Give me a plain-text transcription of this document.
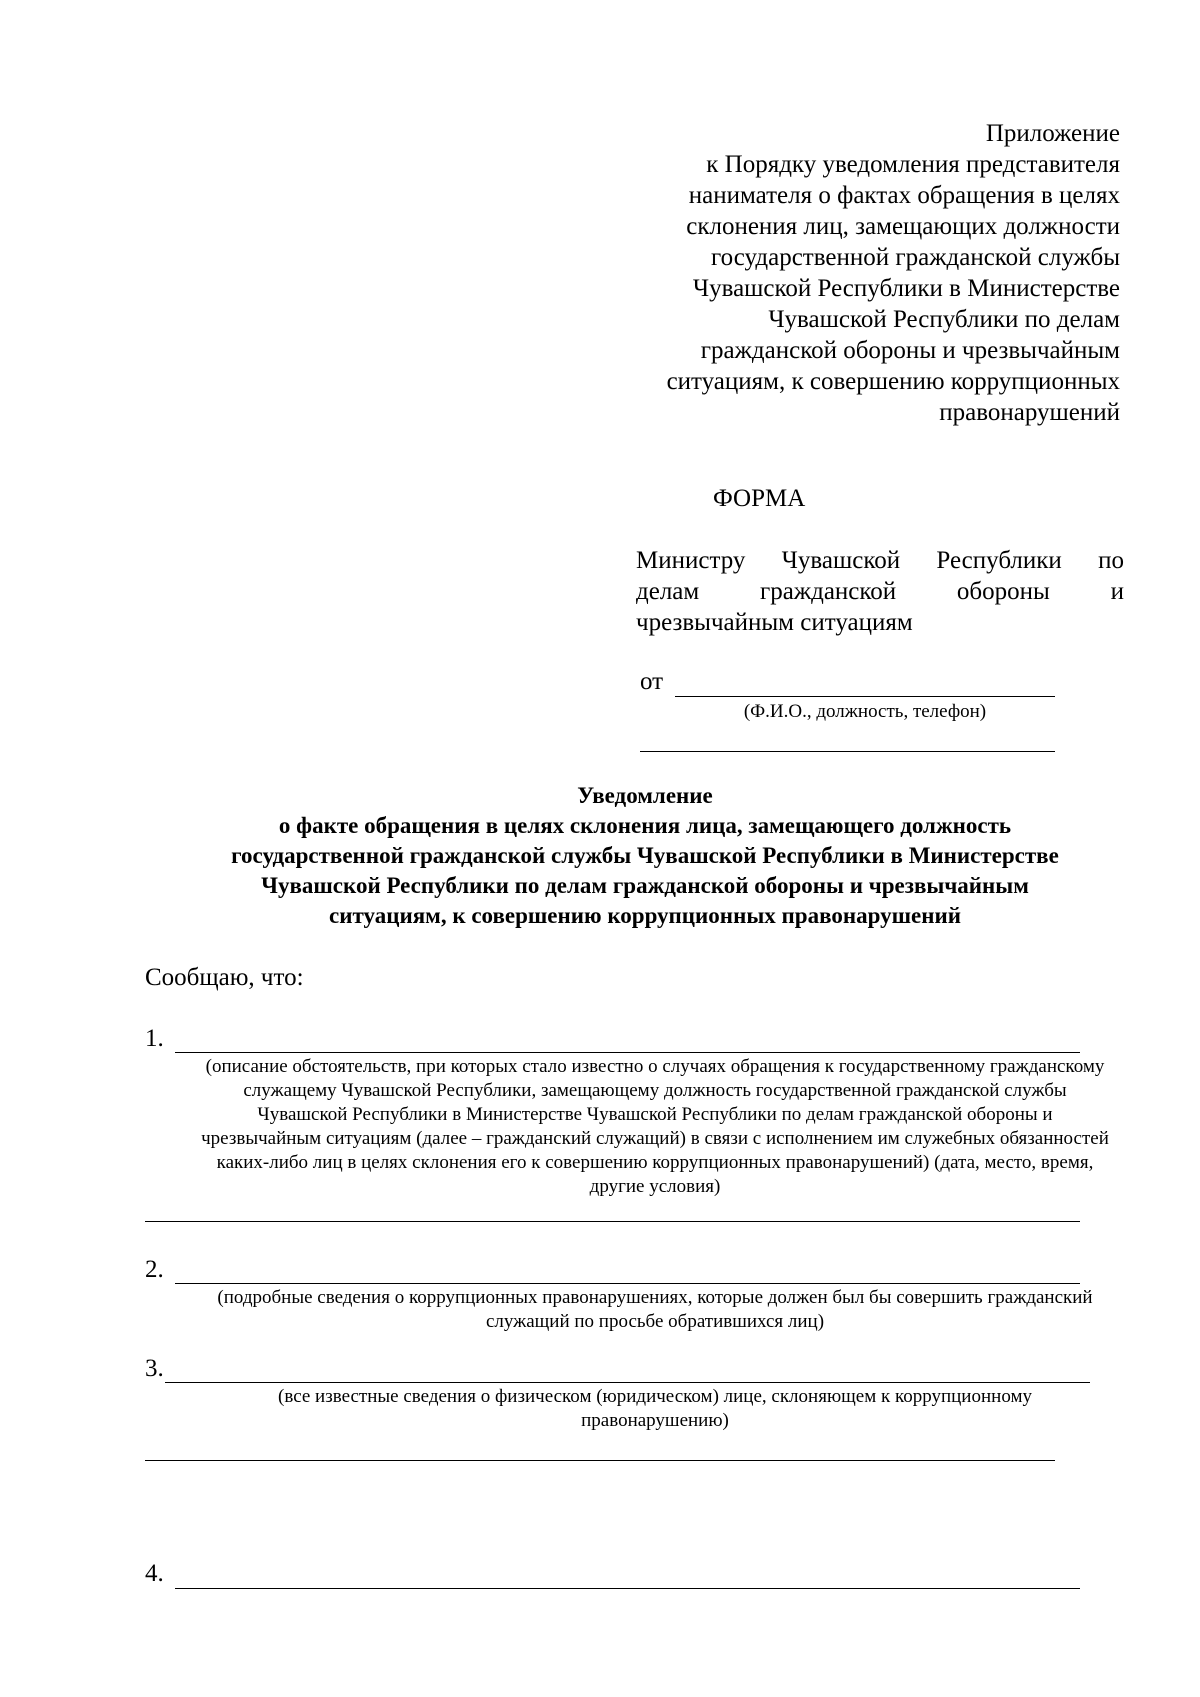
Приложение
к Порядку уведомления представителя
нанимателя о фактах обращения в целях
склонения лиц, замещающих должности
государственной гражданской службы
Чувашской Республики в Министерстве
Чувашской Республики по делам
гражданской обороны и чрезвычайным
ситуациям, к совершению коррупционных
правонарушений
ФОРМА
Министру Чувашской Республики по
делам гражданской обороны и
чрезвычайным ситуациям
от
(Ф.И.О., должность, телефон)
Уведомление
о факте обращения в целях склонения лица, замещающего должность
государственной гражданской службы Чувашской Республики в Министерстве
Чувашской Республики по делам гражданской обороны и чрезвычайным
ситуациям, к совершению коррупционных правонарушений
Сообщаю, что:
1.
(описание обстоятельств, при которых стало известно о случаях обращения к государственному гражданскому
служащему Чувашской Республики, замещающему должность государственной гражданской службы
Чувашской Республики в Министерстве Чувашской Республики по делам гражданской обороны и
чрезвычайным ситуациям (далее – гражданский служащий) в связи с исполнением им служебных обязанностей
каких-либо лиц в целях склонения его к совершению коррупционных правонарушений) (дата, место, время,
другие условия)
2.
(подробные сведения о коррупционных правонарушениях, которые должен был бы совершить гражданский
служащий по просьбе обратившихся лиц)
3.
(все известные сведения о физическом (юридическом) лице, склоняющем к коррупционному
правонарушению)
4.
